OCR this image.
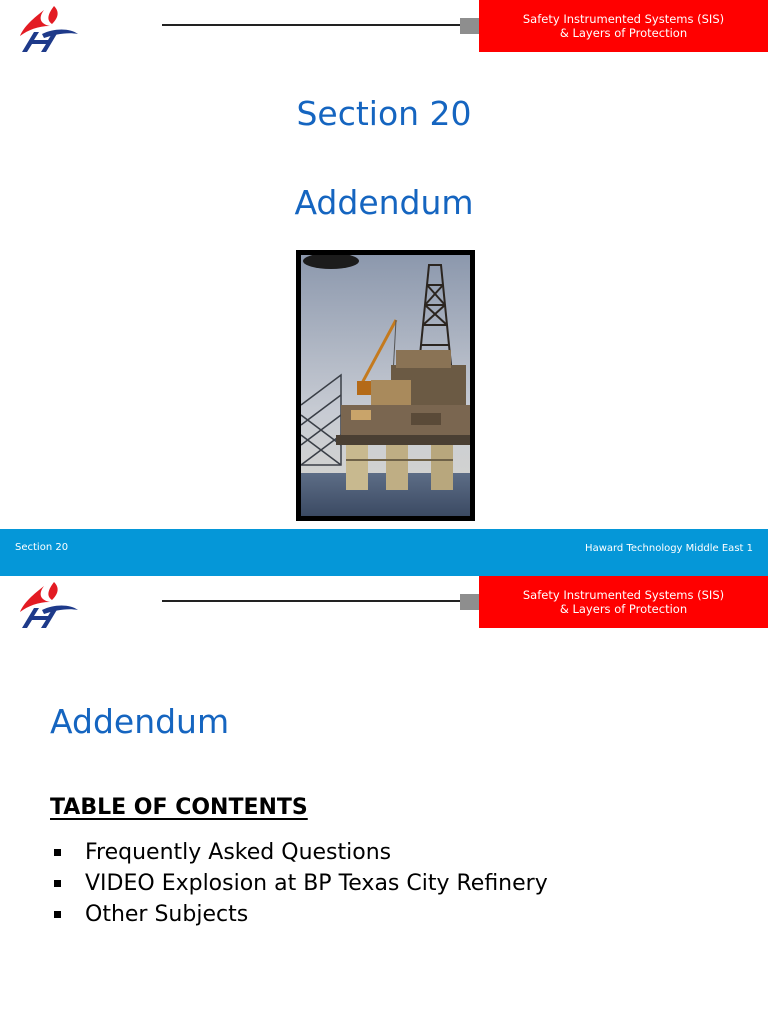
Safety Instrumented Systems (SIS)
& Layers of Protection
Section 20
Addendum
Section 20	Haward Technology Middle East 1
Safety Instrumented Systems (SIS)
& Layers of Protection
Addendum
TABLE OF CONTENTS
Frequently Asked Questions
VIDEO Explosion at BP Texas City Refinery
Other Subjects
